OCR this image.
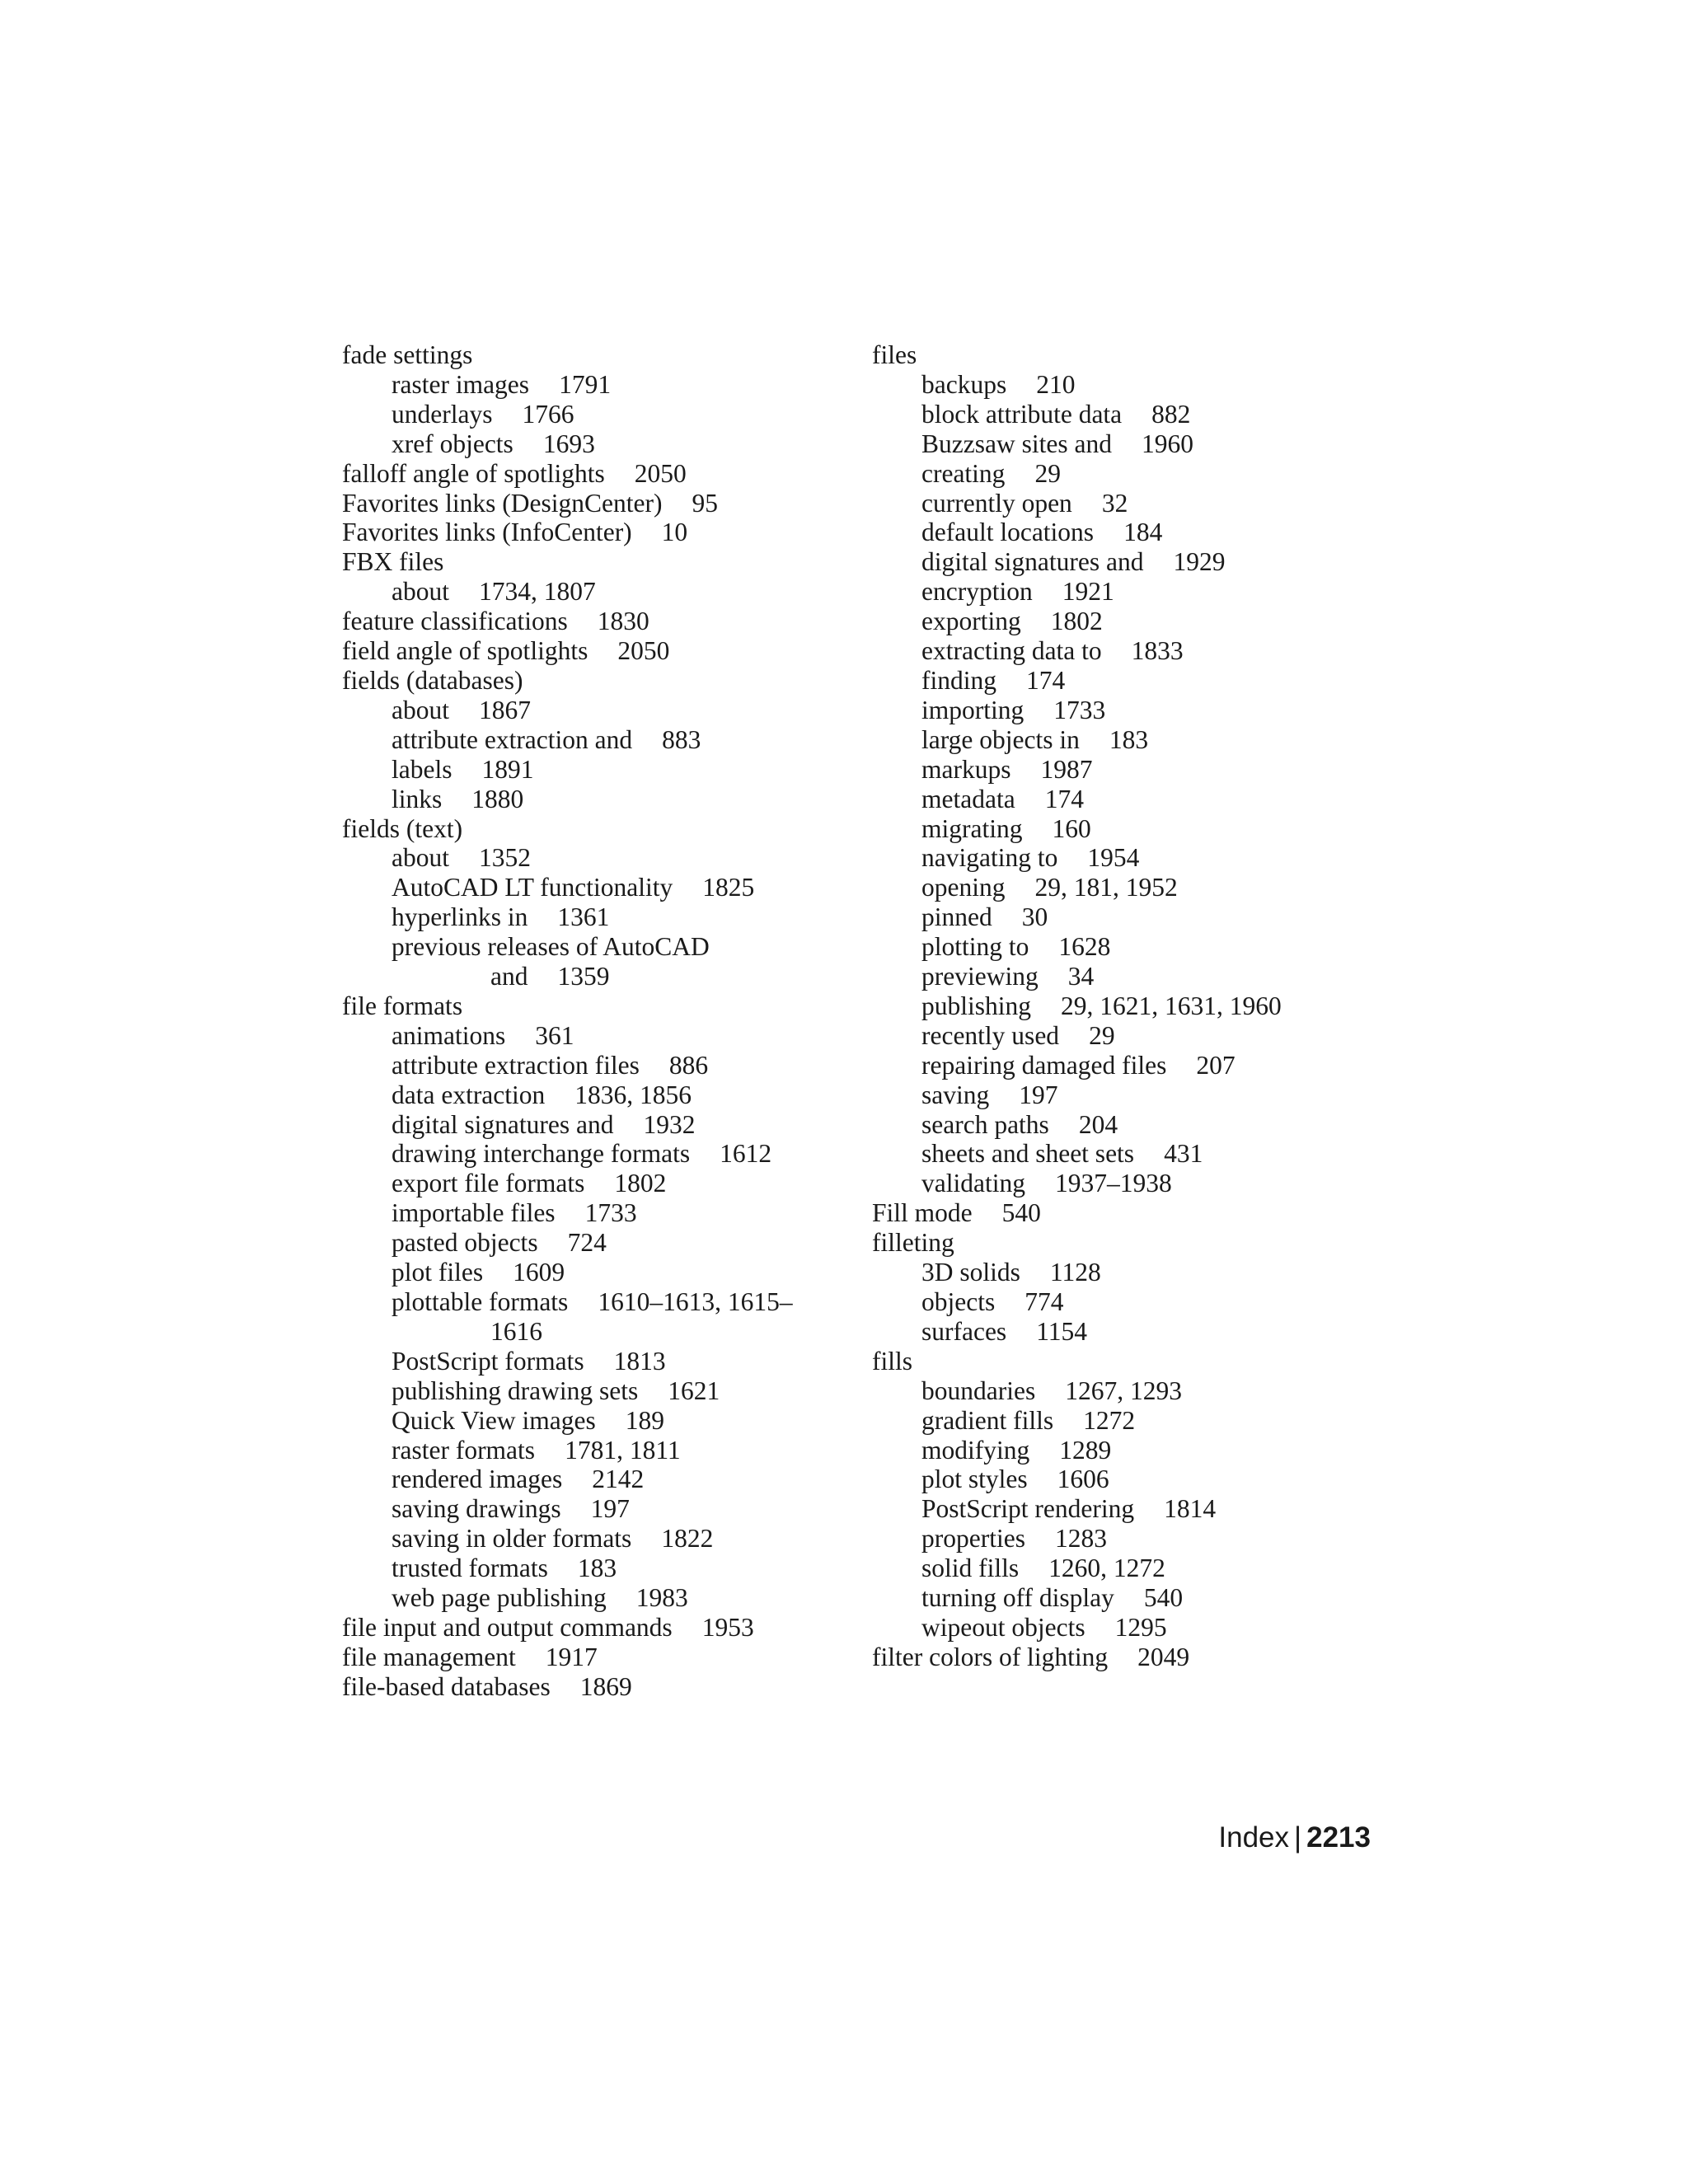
fade settings
raster images 1791
underlays 1766
xref objects 1693
falloff angle of spotlights 2050
Favorites links (DesignCenter) 95
Favorites links (InfoCenter) 10
FBX files
about 1734, 1807
feature classifications 1830
field angle of spotlights 2050
fields (databases)
about 1867
attribute extraction and 883
labels 1891
links 1880
fields (text)
about 1352
AutoCAD LT functionality 1825
hyperlinks in 1361
previous releases of AutoCAD
and 1359
file formats
animations 361
attribute extraction files 886
data extraction 1836, 1856
digital signatures and 1932
drawing interchange formats 1612
export file formats 1802
importable files 1733
pasted objects 724
plot files 1609
plottable formats 1610–1613, 1615–
1616
PostScript formats 1813
publishing drawing sets 1621
Quick View images 189
raster formats 1781, 1811
rendered images 2142
saving drawings 197
saving in older formats 1822
trusted formats 183
web page publishing 1983
file input and output commands 1953
file management 1917
file-based databases 1869
files
backups 210
block attribute data 882
Buzzsaw sites and 1960
creating 29
currently open 32
default locations 184
digital signatures and 1929
encryption 1921
exporting 1802
extracting data to 1833
finding 174
importing 1733
large objects in 183
markups 1987
metadata 174
migrating 160
navigating to 1954
opening 29, 181, 1952
pinned 30
plotting to 1628
previewing 34
publishing 29, 1621, 1631, 1960
recently used 29
repairing damaged files 207
saving 197
search paths 204
sheets and sheet sets 431
validating 1937–1938
Fill mode 540
filleting
3D solids 1128
objects 774
surfaces 1154
fills
boundaries 1267, 1293
gradient fills 1272
modifying 1289
plot styles 1606
PostScript rendering 1814
properties 1283
solid fills 1260, 1272
turning off display 540
wipeout objects 1295
filter colors of lighting 2049
Index | 2213
